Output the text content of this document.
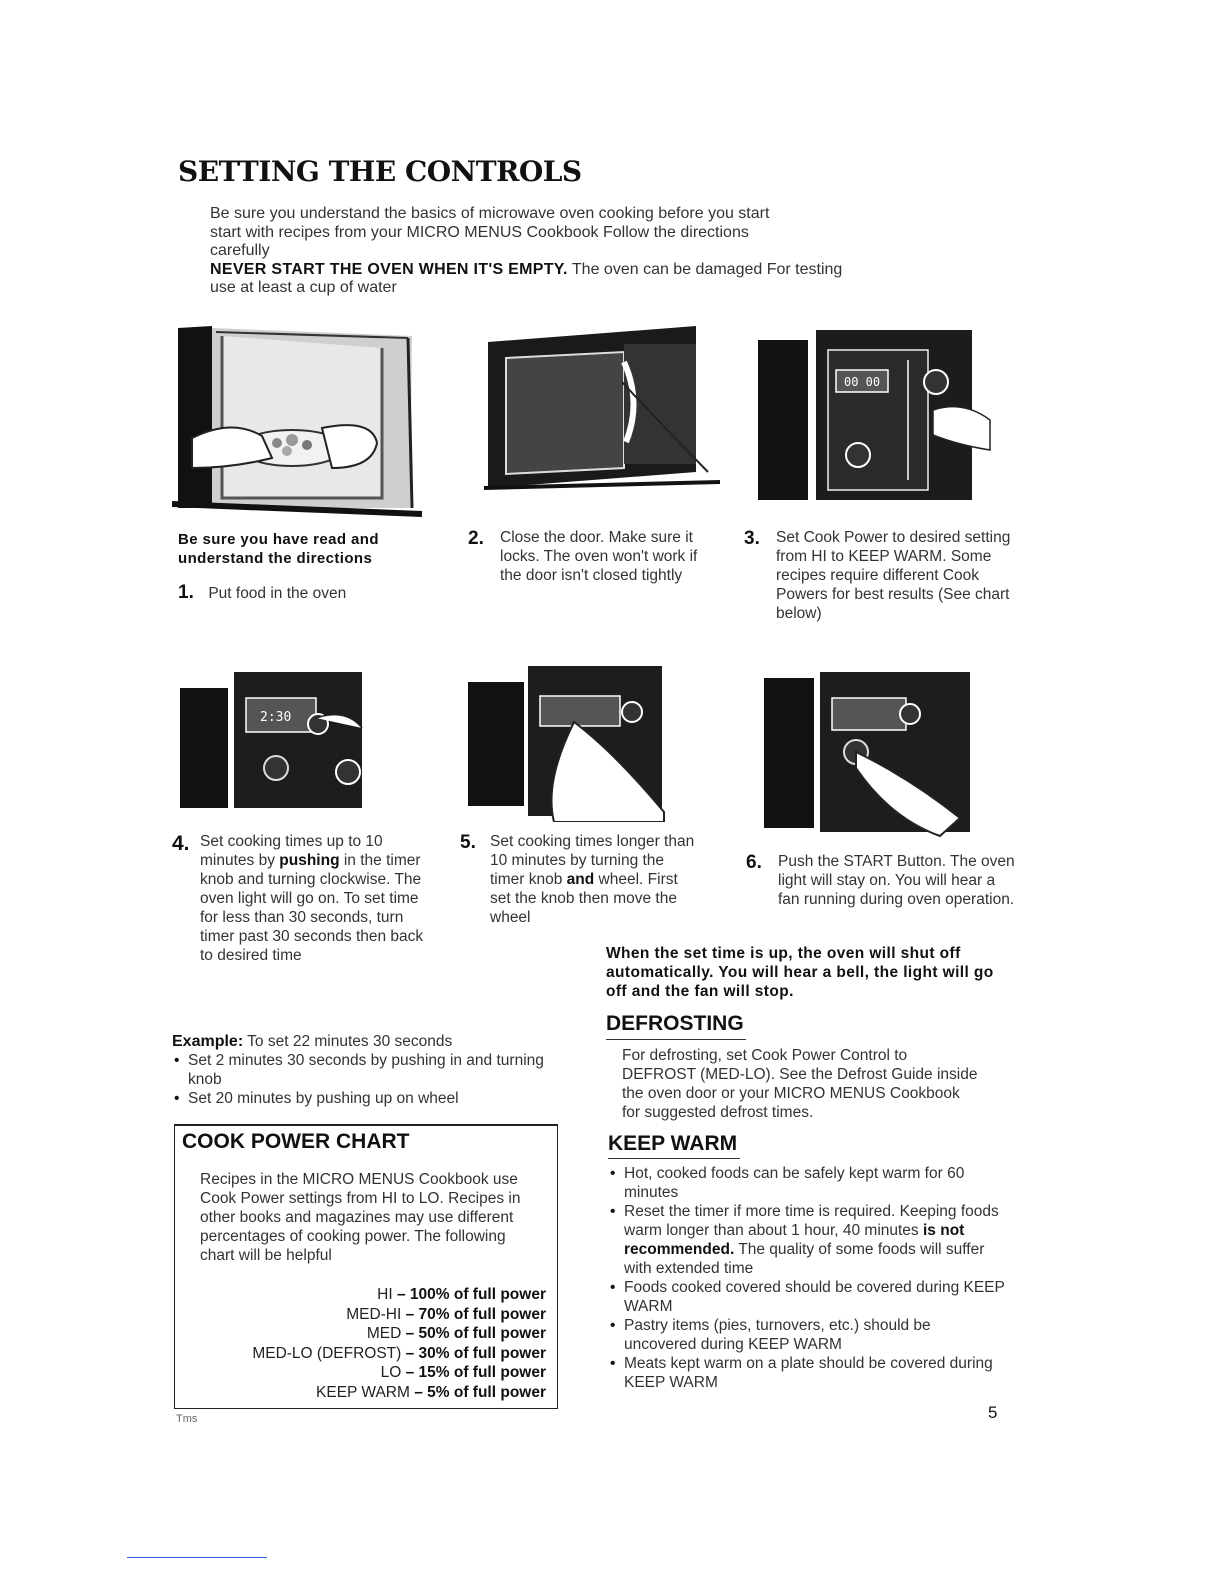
SETTING THE CONTROLS
Be sure you understand the basics of microwave oven cooking before you start
start with recipes from your MICRO MENUS Cookbook Follow the directions
carefully
NEVER START THE OVEN WHEN IT'S EMPTY. The oven can be damaged For testing
use at least a cup of water
00 00
Be sure you have read and understand the directions
1. Put food in the oven
2. Close the door. Make sure it locks. The oven won't work if the door isn't closed tightly
3. Set Cook Power to desired setting from HI to KEEP WARM. Some recipes require different Cook Powers for best results (See chart below)
2:30
4. Set cooking times up to 10 minutes by pushing in the timer knob and turning clockwise. The oven light will go on. To set time for less than 30 seconds, turn timer past 30 seconds then back to desired time
5. Set cooking times longer than 10 minutes by turning the timer knob and wheel. First set the knob then move the wheel
6. Push the START Button. The oven light will stay on. You will hear a fan running during oven operation.
When the set time is up, the oven will shut off automatically. You will hear a bell, the light will go off and the fan will stop.
Example: To set 22 minutes 30 seconds
• Set 2 minutes 30 seconds by pushing in and turning knob
• Set 20 minutes by pushing up on wheel
COOK POWER CHART
Recipes in the MICRO MENUS Cookbook use Cook Power settings from HI to LO. Recipes in other books and magazines may use different percentages of cooking power. The following chart will be helpful
HI – 100% of full power
MED-HI – 70% of full power
MED – 50% of full power
MED-LO (DEFROST) – 30% of full power
LO – 15% of full power
KEEP WARM – 5% of full power
DEFROSTING
For defrosting, set Cook Power Control to DEFROST (MED-LO). See the Defrost Guide inside the oven door or your MICRO MENUS Cookbook for suggested defrost times.
KEEP WARM
• Hot, cooked foods can be safely kept warm for 60 minutes
• Reset the timer if more time is required. Keeping foods warm longer than about 1 hour, 40 minutes is not recommended. The quality of some foods will suffer with extended time
• Foods cooked covered should be covered during KEEP WARM
• Pastry items (pies, turnovers, etc.) should be uncovered during KEEP WARM
• Meats kept warm on a plate should be covered during KEEP WARM
5
Tms
